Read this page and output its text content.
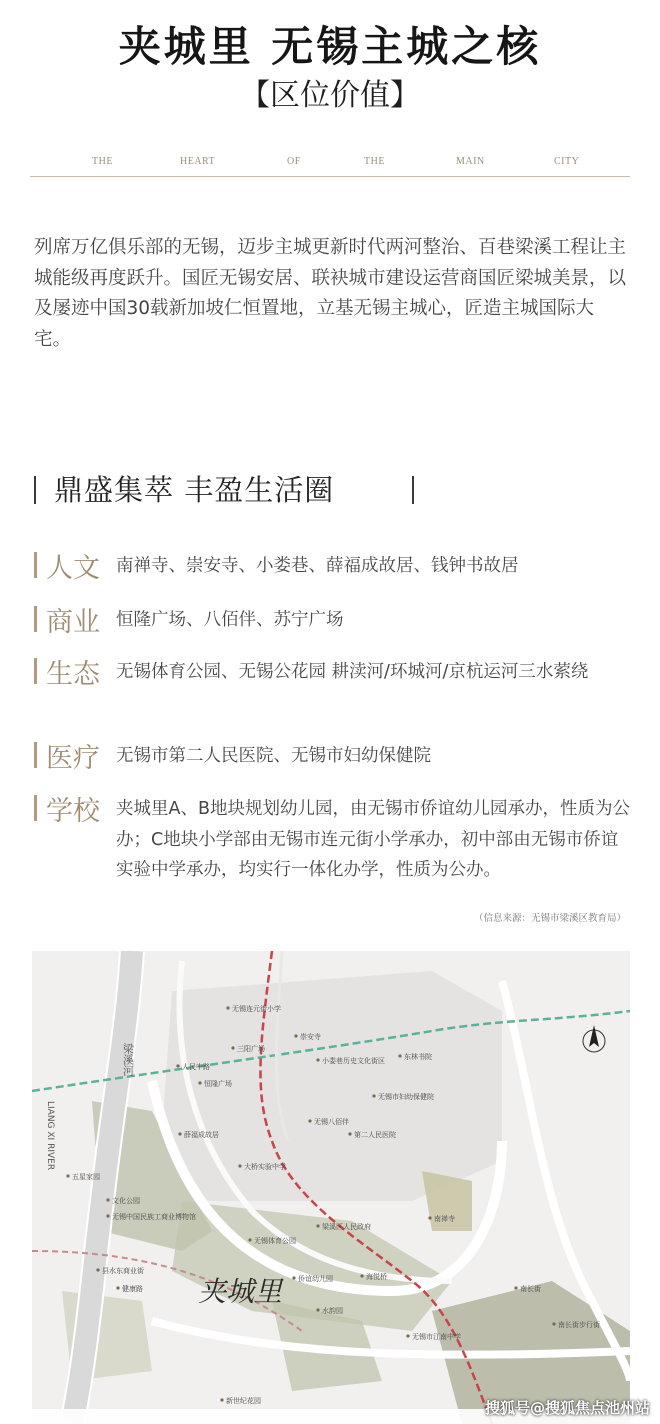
夹城里 无锡主城之核
【区位价值】
THE	HEART	OF	THE	MAIN	CITY
列席万亿俱乐部的无锡，迈步主城更新时代两河整治、百巷梁溪工程让主城能级再度跃升。国匠无锡安居、联袂城市建设运营商国匠梁城美景，以及屡迹中国30载新加坡仁恒置地，立基无锡主城心，匠造主城国际大宅。
鼎盛集萃 丰盈生活圈
人文 南禅寺、崇安寺、小娄巷、薛福成故居、钱钟书故居
商业 恒隆广场、八佰伴、苏宁广场
生态 无锡体育公园、无锡公花园 耕渎河/环城河/京杭运河三水萦绕
医疗 无锡市第二人民医院、无锡市妇幼保健院
学校 夹城里A、B地块规划幼儿园，由无锡市侨谊幼儿园承办，性质为公办；C地块小学部由无锡市连元街小学承办，初中部由无锡市侨谊实验中学承办，均实行一体化办学，性质为公办。
（信息来源：无锡市梁溪区教育局）
夹城里
梁溪河
LIANG XI RIVER
无锡连元街小学
崇安寺
三阳广场
东林书院
小娄巷历史文化街区
人民中路
恒隆广场
无锡市妇幼保健院
无锡八佰伴
薛福成故居	第二人民医院
大桥实验中学
五星家园
文化公园
无锡中国民族工商业博物馆
梁溪区人民政府
南禅寺
无锡体育公园
县水东商业街
侨谊幼儿园	海悦桥
健康路	南长街
水韵园
南长街步行街
无锡市江南中学
新世纪花园	搜狐号@搜狐焦点池州站
